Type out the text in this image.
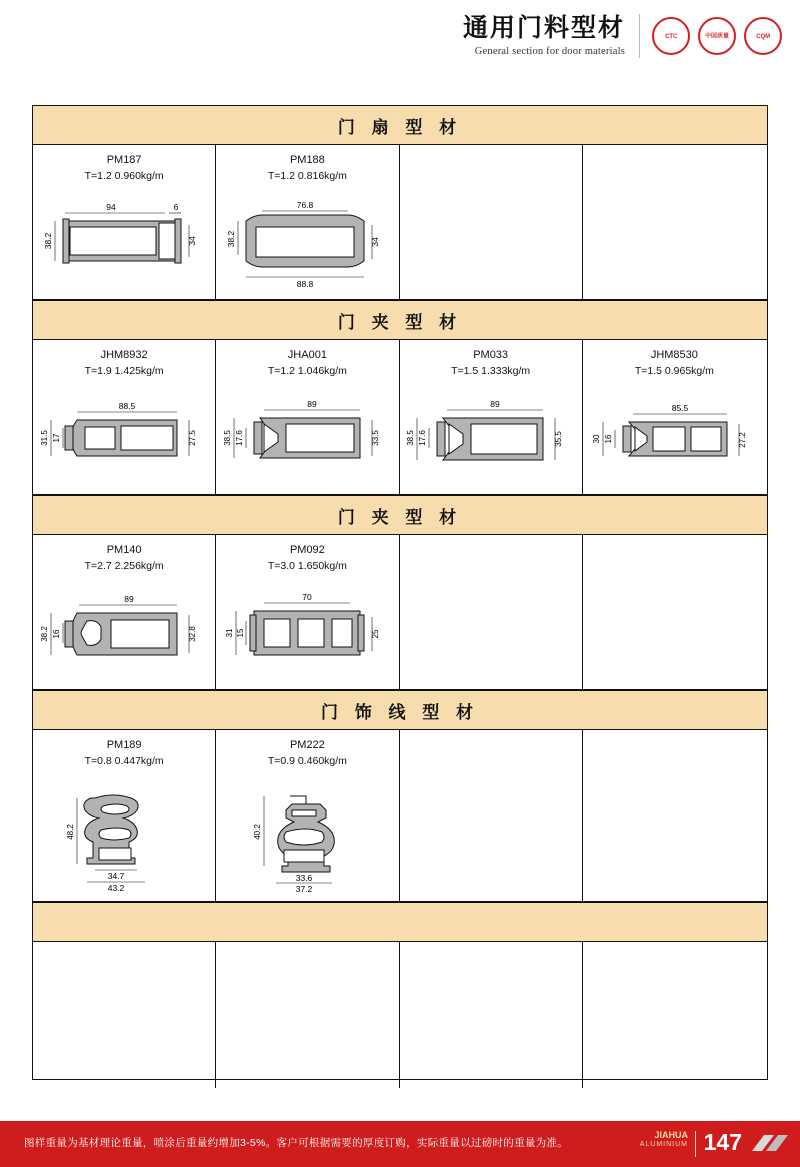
通用门料型材
General section for door materials
CTC	中国质量	CQM
门 扇 型 材
PM187
T=1.2 0.960kg/m
94	6
38.2	34
PM188
T=1.2 0.816kg/m
76.8
38.2	34
88.8
门 夹 型 材
JHM8932
T=1.9 1.425kg/m
88.5
31.5 17	27.5
JHA001
T=1.2 1.046kg/m
89
38.5 17.6	33.5
PM033
T=1.5 1.333kg/m
89
38.5 17.6	35.5
JHM8530
T=1.5 0.965kg/m
85.5
30 16	27.2
门 夹 型 材
PM140
T=2.7 2.256kg/m
89
38.2 16	32.8
PM092
T=3.0 1.650kg/m
70
31 15	25
门 饰 线 型 材
PM189
T=0.8 0.447kg/m
48.2
34.7
43.2
PM222
T=0.9 0.460kg/m
40.2
33.6
37.2
图样重量为基材理论重量，喷涂后重量约增加3-5%。客户可根据需要的厚度订购，实际重量以过磅时的重量为准。
JIAHUA
ALUMINIUM 147
